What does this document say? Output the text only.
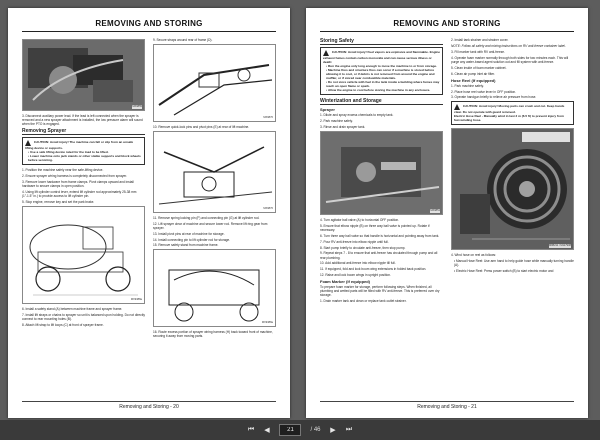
REMOVING AND STORING
MX9855

3. Disconnect auxiliary power lead. If the lead is left connected when the sprayer is removed and a new sprayer attachment is installed, the low pressure alarm will sound when the PTO is engaged.

Removing Sprayer
CAUTION: Avoid injury! The machine can fall or slip from an unsafe lifting device or supports.
• Use a safe lifting device rated for the load to be lifted.
• Lower machine onto jack stands or other stable supports and block wheels before servicing.

1. Position the machine safely near the safe-lifting device.

2. Ensure sprayer wiring harness is completely disconnected from sprayer.

3. Remove lower hardware from frame clamps. Pivot clamps upward and install hardware to secure clamps in open position.

4. Using lift cylinder control lever, extend lift cylinder rod approximately 25-38 mm (1"-1.5" in.) to provide access to lift cylinder pin.

5. Stop engine, remove key and set the park brake.

MX9388a

6. Install a safety stand (A) between machine frame and sprayer frame.

7. Install lift straps or chains to sprayer so unit is balanced upon holding. Do not directly connect to rear mounting holes (B).

8. Attach lift strap to lift loops (C) at front of sprayer frame.

9. Secure straps around rear of frame (D).

MX9876

10. Remove quick-lock pins and pivot pins (E) at rear of lift machine.

MX9876

11. Remove spring locking pin (F) and connecting pin (G) at lift cylinder rod.

12. Lift sprayer clear of machine and secure lower rod. Remove lift ring gear from sprayer.

13. Install pivot pins at rear of machine for storage.

14. Install connecting pin to lift cylinder rod for storage.

15. Remove safety stand from machine frame.

MX9388a

16. Route excess portion of sprayer wiring harness (H) back toward front of machine, securing it away from moving parts.

Removing and Storing - 20
REMOVING AND STORING
Storing Safety
CAUTION: Avoid injury! Fuel vapors are explosive and flammable. Engine exhaust fumes contain carbon monoxide and can cause serious illness or death:
• Run the engine only long enough to move the machine to or from storage.
• Machine fires and structure fires can occur if a machine is stored before allowing it to cool, or if debris is not removed from around the engine and muffler, or if stored near combustible materials.
• Do not store vehicle with fuel in the tank inside a building where fumes may reach an open flame or spark.
• Allow the engine to cool before storing the machine in any enclosure.
Winterization and Storage
Sprayer

1. Dilute and spray excess chemicals to empty tank.

2. Park machine safely.

3. Rinse and drain sprayer tank.

MX9851

4. Turn agitator ball valve (A) to horizontal OFF position.

5. Ensure that elbow nipple (B) on three way ball valve is pointed up. Rotate if necessary.

6. Turn three way ball valve so that handle is horizontal and pointing away from tank.

7. Pour RV anti-freeze into elbow nipple until full.

8. Start pump briefly to circulate anti-freeze, then stop pump.

9. Repeat steps 7 - 8 to ensure that anti-freeze has circulated through pump and all rear plumbing.

10. Add additional anti-freeze into elbow nipple till full.

11. If equipped, fold and lock boom wing extensions in folded back position.

12. Raise and lock boom wings in upright position.

Foam Marker (If equipped)

To prepare foam marker for storage, perform following steps. When finished, all plumbing and wetted parts will be filled with RV anti-freeze. This is preferred over dry storage.

1. Drain marker tank and clean or replace tank outlet strainer.

2. Install tank strainer and strainer cover.

NOTE: Follow all safety and mixing instructions on RV anti-freeze container label.

3. Fill marker tank with RV anti-freeze.

4. Operate foam marker normally through both sides for two minutes each. This will purge any water-based agent solution out and fill system with anti-freeze.

5. Clean inside of foam marker cabinet.

6. Clean air pump inlet air filter.

Hose Reel (If equipped)

1. Park machine safely.

2. Place hose reel valve lever in OFF position.

3. Operate handgun briefly to relieve air pressure from hose.

CAUTION: Avoid injury! Moving parts can crush and cut. Keep hands clear. Do not operate with guard removed.
Electric Hose Reel - Manually wind in last 2 m (6.5 ft) to prevent injury from fast-winding hose.
M88211 / M117908

4. Wind hose on reel as follows:

• Manual Hose Reel: Use arm hand to help guide hose while manually turning handle (A).

• Electric Hose Reel: Press power switch (B) to start electric motor and

Removing and Storing - 21
⏮ ◀
21	/ 46 ▶ ⏭
